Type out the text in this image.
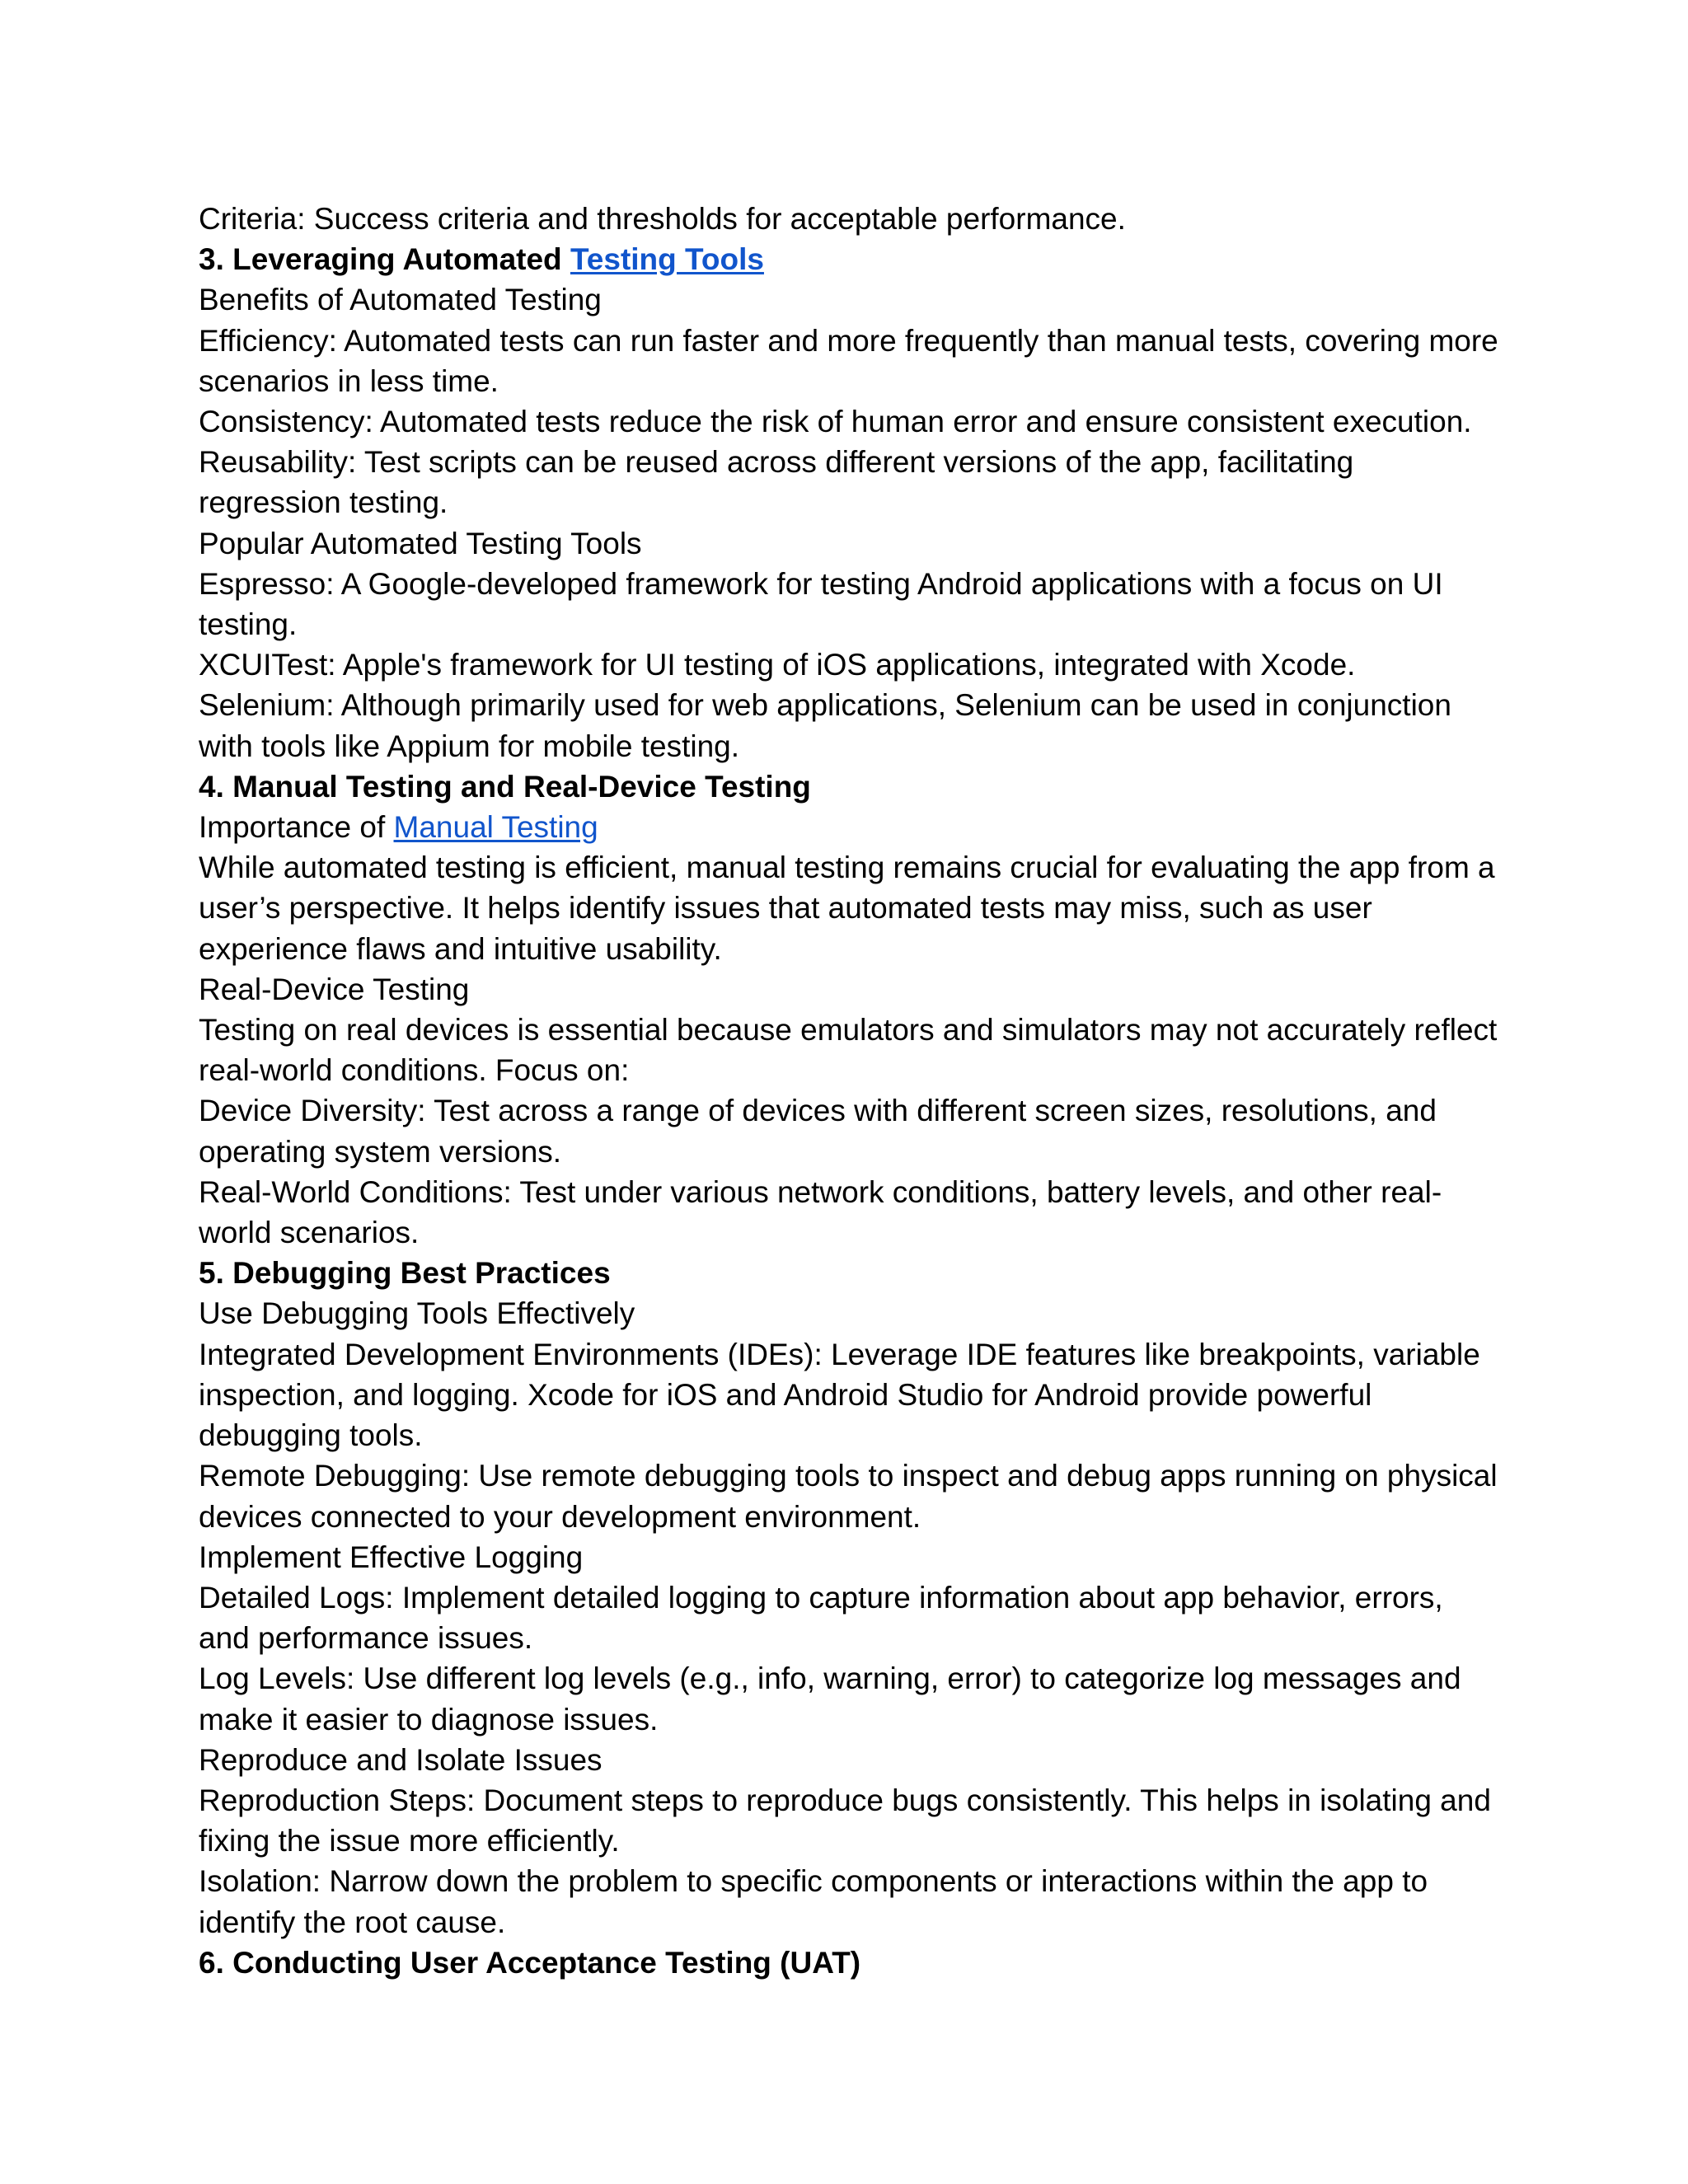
Criteria: Success criteria and thresholds for acceptable performance.

3. Leveraging Automated Testing Tools

Benefits of Automated Testing

Efficiency: Automated tests can run faster and more frequently than manual tests, covering more scenarios in less time.

Consistency: Automated tests reduce the risk of human error and ensure consistent execution.

Reusability: Test scripts can be reused across different versions of the app, facilitating regression testing.

Popular Automated Testing Tools

Espresso: A Google-developed framework for testing Android applications with a focus on UI testing.

XCUITest: Apple's framework for UI testing of iOS applications, integrated with Xcode.

Selenium: Although primarily used for web applications, Selenium can be used in conjunction with tools like Appium for mobile testing.

4. Manual Testing and Real-Device Testing

Importance of Manual Testing

While automated testing is efficient, manual testing remains crucial for evaluating the app from a user’s perspective. It helps identify issues that automated tests may miss, such as user experience flaws and intuitive usability.

Real-Device Testing

Testing on real devices is essential because emulators and simulators may not accurately reflect real-world conditions. Focus on:

Device Diversity: Test across a range of devices with different screen sizes, resolutions, and operating system versions.

Real-World Conditions: Test under various network conditions, battery levels, and other real-world scenarios.

5. Debugging Best Practices

Use Debugging Tools Effectively

Integrated Development Environments (IDEs): Leverage IDE features like breakpoints, variable inspection, and logging. Xcode for iOS and Android Studio for Android provide powerful debugging tools.

Remote Debugging: Use remote debugging tools to inspect and debug apps running on physical devices connected to your development environment.

Implement Effective Logging

Detailed Logs: Implement detailed logging to capture information about app behavior, errors, and performance issues.

Log Levels: Use different log levels (e.g., info, warning, error) to categorize log messages and make it easier to diagnose issues.

Reproduce and Isolate Issues

Reproduction Steps: Document steps to reproduce bugs consistently. This helps in isolating and fixing the issue more efficiently.

Isolation: Narrow down the problem to specific components or interactions within the app to identify the root cause.

6. Conducting User Acceptance Testing (UAT)
